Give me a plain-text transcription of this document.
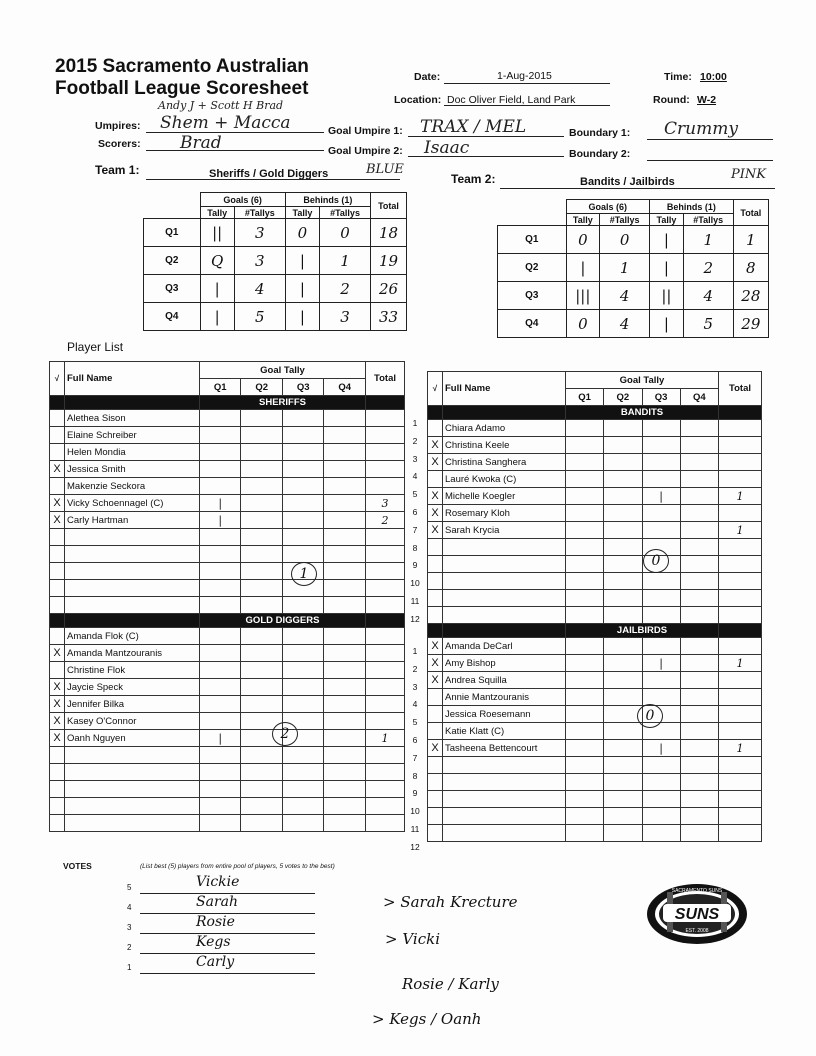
2015 Sacramento Australian
Football League Scoresheet
Date:	1-Aug-2015	Time: 10:00
Location: Doc Oliver Field, Land Park	Round: W-2
Andy J + Scott H Brad
Umpires: Shem + Macca
Scorers: Brad
Goal Umpire 1: TRAX / MEL
Goal Umpire 2: Isaac
Boundary 1: Crummy
Boundary 2:
Team 1:	Sheriffs / Gold Diggers	BLUE
Team 2:	Bandits / Jailbirds	PINK
	Goals (6)		Behinds (1)		Total
	Tally	#Tallys	Tally	#Tallys	
Q1	||	3	0	0	18
Q2	Q	3	|	1	19
Q3	|	4	|	2	26
Q4	|	5	|	3	33
	Goals (6)		Behinds (1)		Total
	Tally	#Tallys	Tally	#Tallys	
Q1	0	0	|	1	1
Q2	|	1	|	2	8
Q3	|||	4	||	4	28
Q4	0	4	|	5	29
Player List
√	Full Name	Goal Tally				Total
		Q1	Q2	Q3	Q4	
		SHERIFFS				
	Alethea Sison					
	Elaine Schreiber					
	Helen Mondia					
X	Jessica Smith					
	Makenzie Seckora					
X	Vicky Schoennagel (C)	|				3
X	Carly Hartman	|				2

		GOLD DIGGERS				
	Amanda Flok (C)					
X	Amanda Mantzouranis					
	Christine Flok					
X	Jaycie Speck					
X	Jennifer Bilka					
X	Kasey O'Connor					
X	Oanh Nguyen	|				1

√	Full Name	Goal Tally				Total
		Q1	Q2	Q3	Q4	
		BANDITS				
	Chiara Adamo					
X	Christina Keele					
X	Christina Sanghera					
	Lauré Kwoka (C)					
X	Michelle Koegler			|		1
X	Rosemary Kloh					
X	Sarah Krycia					1

		JAILBIRDS				
X	Amanda DeCarl					
X	Amy Bishop			|		1
X	Andrea Squilla					
	Annie Mantzouranis					
	Jessica Roesemann					
	Katie Klatt (C)					
X	Tasheena Bettencourt			|		1

1
2
3
4
5
6
7
8
9
10
11
12
1
2
3
4
5
6
7
8
9
10
11
12
1
2
0
0
VOTES	(List best (5) players from entire pool of players, 5 votes to the best)
5	Vickie
4	Sarah
3	Rosie
2	Kegs
1	Carly
> Sarah Krecture
> Vicki
Rosie / Karly
> Kegs / Oanh
SUNS
EST. 2008
SACRAMENTO SUNS
